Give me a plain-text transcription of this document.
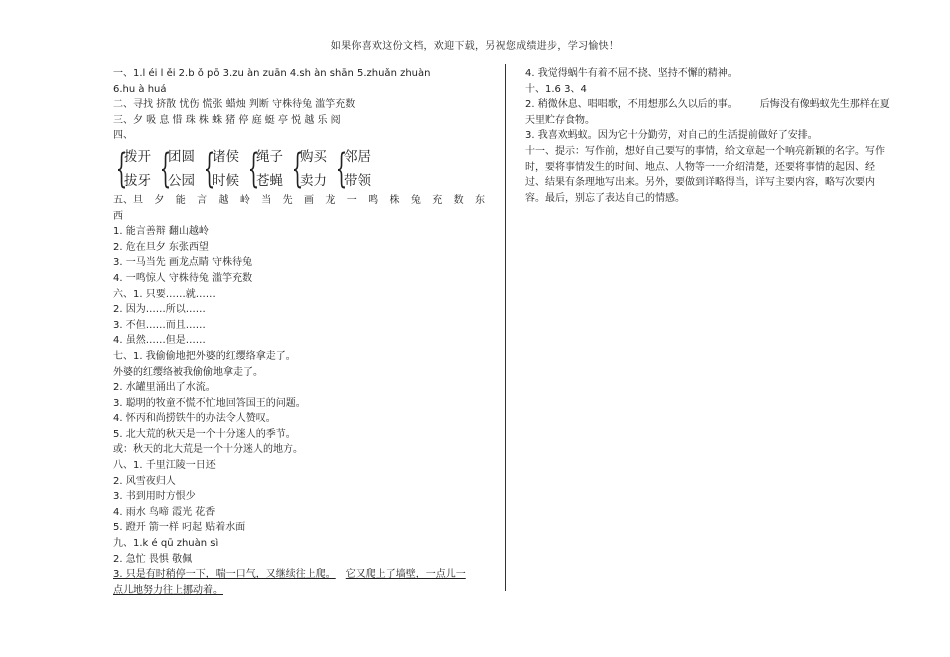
如果你喜欢这份文档，欢迎下载，另祝您成绩进步，学习愉快！
一、1.l éi l ěi 2.b ǒ pō 3.zu àn zuān 4.sh àn shān 5.zhuǎn zhuàn
6.hu à huá
二、寻找 挤散 忧伤 慌张 蜡烛 判断 守株待兔 滥竽充数
三、夕 吸 息 惜 珠 株 蛛 猪 停 庭 蜓 亭 悦 越 乐 阅
四、
{
拨开
拔牙 {
团圆
公园 {
诸侯
时候 {
绳子
苍蝇 {
购买
卖力 {
邻居
带领
五、旦 夕 能 言 越 岭 当 先 画 龙 一 鸣 株 兔 充 数 东
西
1. 能言善辩 翻山越岭
2. 危在旦夕 东张西望
3. 一马当先 画龙点睛 守株待兔
4. 一鸣惊人 守株待兔 滥竽充数
六、1. 只要……就……
2. 因为……所以……
3. 不但……而且……
4. 虽然……但是……
七、1. 我偷偷地把外婆的红缨络拿走了。
外婆的红缨络被我偷偷地拿走了。
2. 水罐里涌出了水流。
3. 聪明的牧童不慌不忙地回答国王的问题。
4. 怀丙和尚捞铁牛的办法令人赞叹。
5. 北大荒的秋天是一个十分迷人的季节。
或：秋天的北大荒是一个十分迷人的地方。
八、1. 千里江陵一日还
2. 风雪夜归人
3. 书到用时方恨少
4. 雨水 鸟啼 霞光 花香
5. 蹬开 箭一样 叼起 贴着水面
九、1.k é qū zhuàn sì
2. 急忙 畏惧 敬佩
3. 只是有时稍停一下，喘一口气，又继续往上爬。 它又爬上了墙壁，一点儿一
点儿地努力往上挪动着。
4. 我觉得蜗牛有着不屈不挠、坚持不懈的精神。
十、1.6 3、4
2. 稍微休息、唱唱歌，不用想那么久以后的事。 后悔没有像蚂蚁先生那样在夏
天里贮存食物。
3. 我喜欢蚂蚁。因为它十分勤劳，对自己的生活提前做好了安排。
十一、提示：写作前，想好自己要写的事情，给文章起一个响亮新颖的名字。写作时，要将事情发生的时间、地点、人物等一一介绍清楚，还要将事情的起因、经过、结果有条理地写出来。另外，要做到详略得当，详写主要内容，略写次要内容。最后，别忘了表达自己的情感。
